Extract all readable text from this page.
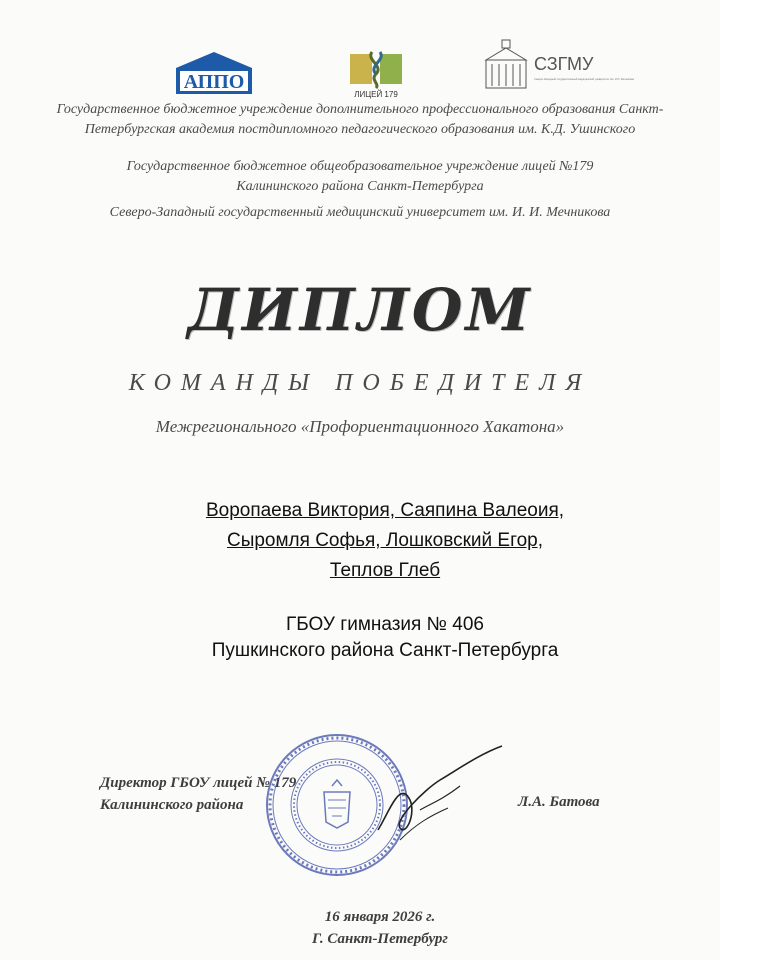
АППО
ЛИЦЕЙ 179
СЗГМУ
Северо-Западный государственный медицинский университет им. И.И. Мечникова
Государственное бюджетное учреждение дополнительного профессионального образования Санкт-Петербургская академия постдипломного педагогического образования им. К.Д. Ушинского
Государственное бюджетное общеобразовательное учреждение лицей №179
Калининского района Санкт-Петербурга
Северо-Западный государственный медицинский университет им. И. И. Мечникова
ДИПЛОМ
КОМАНДЫ ПОБЕДИТЕЛЯ
Межрегионального «Профориентационного Хакатона»
Воропаева Виктория, Саяпина Валеоия,
Сыромля Софья, Лошковский Егор,
Теплов Глеб
ГБОУ гимназия № 406
Пушкинского района Санкт-Петербурга
Директор ГБОУ лицей № 179
Калининского района	Л.А. Батова
16 января 2026 г.
Г. Санкт-Петербург
